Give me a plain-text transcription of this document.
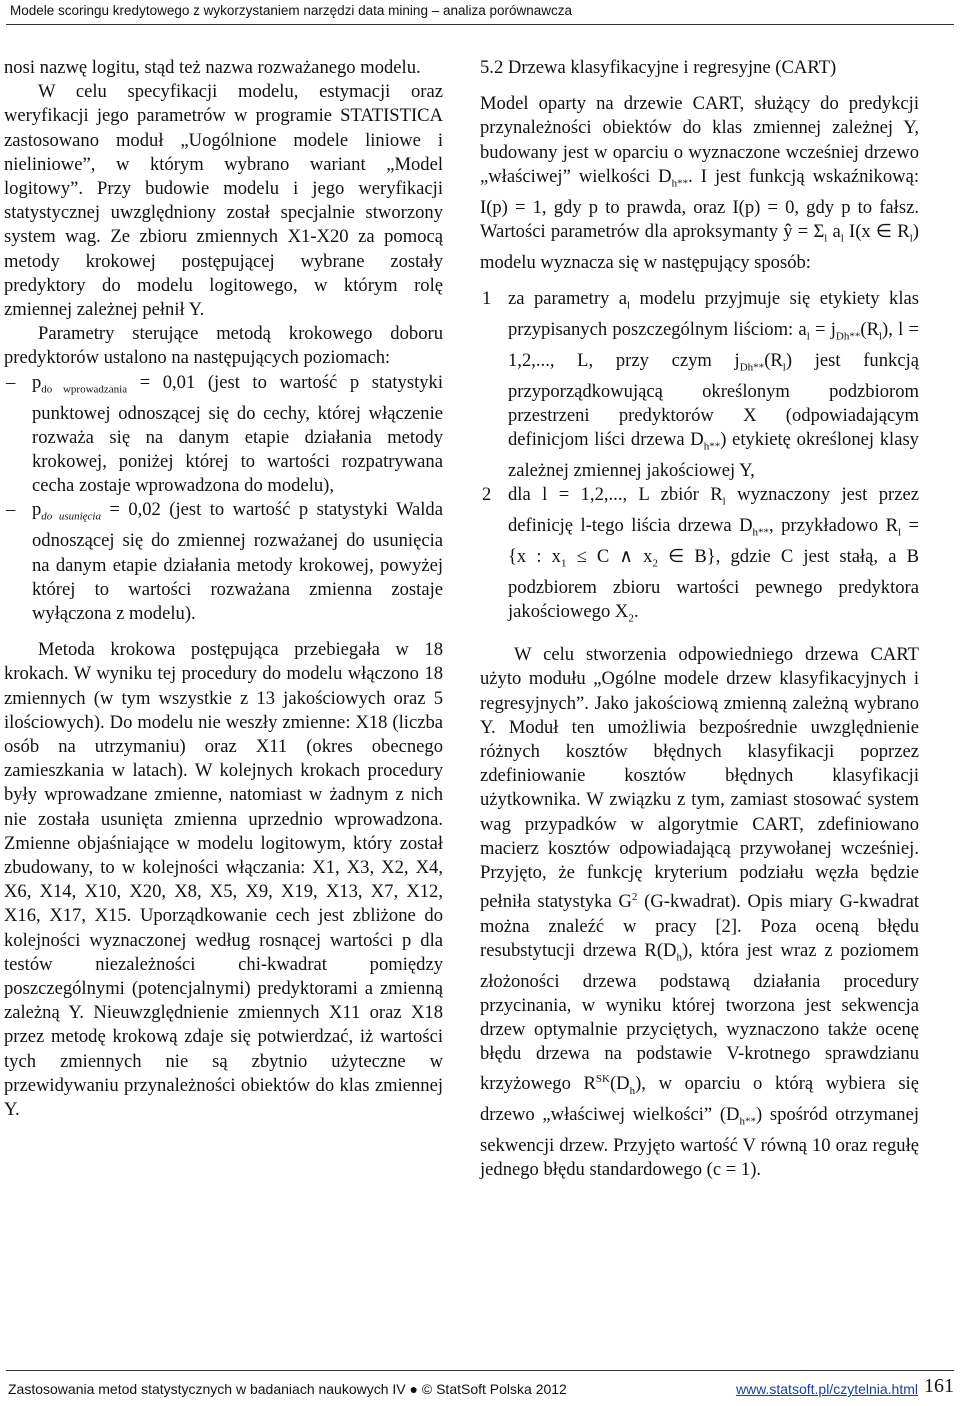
Modele scoringu kredytowego z wykorzystaniem narzędzi data mining – analiza porównawcza

nosi nazwę logitu, stąd też nazwa rozważanego modelu.

W celu specyfikacji modelu, estymacji oraz weryfikacji jego parametrów w programie STATISTICA zastosowano moduł „Uogólnione modele liniowe i nieliniowe”, w którym wybrano wariant „Model logitowy”. Przy budowie modelu i jego weryfikacji statystycznej uwzględniony został specjalnie stworzony system wag. Ze zbioru zmiennych X1-X20 za pomocą metody krokowej postępującej wybrane zostały predyktory do modelu logitowego, w którym rolę zmiennej zależnej pełnił Y.

Parametry sterujące metodą krokowego doboru predyktorów ustalono na następujących poziomach:

– $p_{do wprowadzania} = 0,01$ (jest to wartość p statystyki punktowej odnoszącej się do cechy, której włączenie rozważa się na danym etapie działania metody krokowej, poniżej której to wartości rozpatrywana cecha zostaje wprowadzona do modelu),

– $p_{do usunięcia} = 0,02$ (jest to wartość p statystyki Walda odnoszącej się do zmiennej rozważanej do usunięcia na danym etapie działania metody krokowej, powyżej której to wartości rozważana zmienna zostaje wyłączona z modelu).

Metoda krokowa postępująca przebiegała w 18 krokach. W wyniku tej procedury do modelu włączono 18 zmiennych (w tym wszystkie z 13 jakościowych oraz 5 ilościowych). Do modelu nie weszły zmienne: X18 (liczba osób na utrzymaniu) oraz X11 (okres obecnego zamieszkania w latach). W kolejnych krokach procedury były wprowadzane zmienne, natomiast w żadnym z nich nie została usunięta zmienna uprzednio wprowadzona. Zmienne objaśniające w modelu logitowym, który został zbudowany, to w kolejności włączania: X1, X3, X2, X4, X6, X14, X10, X20, X8, X5, X9, X19, X13, X7, X12, X16, X17, X15. Uporządkowanie cech jest zbliżone do kolejności wyznaczonej według rosnącej wartości p dla testów niezależności chi-kwadrat pomiędzy poszczególnymi (potencjalnymi) predyktorami a zmienną zależną Y. Nieuwzględnienie zmiennych X11 oraz X18 przez metodę krokową zdaje się potwierdzać, iż wartości tych zmiennych nie są zbytnio użyteczne w przewidywaniu przynależności obiektów do klas zmiennej Y.

5.2 Drzewa klasyfikacyjne i regresyjne (CART)

Model oparty na drzewie CART, służący do predykcji przynależności obiektów do klas zmiennej zależnej Y, budowany jest w oparciu o wyznaczone wcześniej drzewo „właściwej” wielkości $D_{h**}$. I jest funkcją wskaźnikową: I(p) = 1, gdy p to prawda, oraz I(p) = 0, gdy p to fałsz. Wartości parametrów dla aproksymanty ŷ = $\Sigma_l$ $a_l$ I(x ∈ $R_l$) modelu wyznacza się w następujący sposób:

1 za parametry $a_l$ modelu przyjmuje się etykiety klas przypisanych poszczególnym liściom: $a_l = j_{Dh**}(R_l)$, l = 1,2,..., L, przy czym $j_{Dh**}(R_l)$ jest funkcją przyporządkowującą określonym podzbiorom przestrzeni predyktorów X (odpowiadającym definicjom liści drzewa $D_{h**}$) etykietę określonej klasy zależnej zmiennej jakościowej Y,

2 dla l = 1,2,..., L zbiór $R_l$ wyznaczony jest przez definicję l-tego liścia drzewa $D_{h**}$, przykładowo $R_l = \{x$ : $x_1 \le C$ ∧ $x_2$ ∈ B}, gdzie C jest stałą, a B podzbiorem zbioru wartości pewnego predyktora jakościowego $X_2$.

W celu stworzenia odpowiedniego drzewa CART użyto modułu „Ogólne modele drzew klasyfikacyjnych i regresyjnych”. Jako jakościową zmienną zależną wybrano Y. Moduł ten umożliwia bezpośrednie uwzględnienie różnych kosztów błędnych klasyfikacji poprzez zdefiniowanie kosztów błędnych klasyfikacji użytkownika. W związku z tym, zamiast stosować system wag przypadków w algorytmie CART, zdefiniowano macierz kosztów odpowiadającą przywołanej wcześniej. Przyjęto, że funkcję kryterium podziału węzła będzie pełniła statystyka $G^2$ (G-kwadrat). Opis miary G-kwadrat można znaleźć w pracy [2]. Poza oceną błędu resubstytucji drzewa $R(D_h)$, która jest wraz z poziomem złożoności drzewa podstawą działania procedury przycinania, w wyniku której tworzona jest sekwencja drzew optymalnie przyciętych, wyznaczono także ocenę błędu drzewa na podstawie V-krotnego sprawdzianu krzyżowego $R^{SK}(D_h)$, w oparciu o którą wybiera się drzewo „właściwej wielkości” $(D_{h**})$ spośród otrzymanej sekwencji drzew. Przyjęto wartość V równą 10 oraz regułę jednego błędu standardowego (c = 1).

Zastosowania metod statystycznych w badaniach naukowych IV ● © StatSoft Polska 2012	www.statsoft.pl/czytelnia.html 161
